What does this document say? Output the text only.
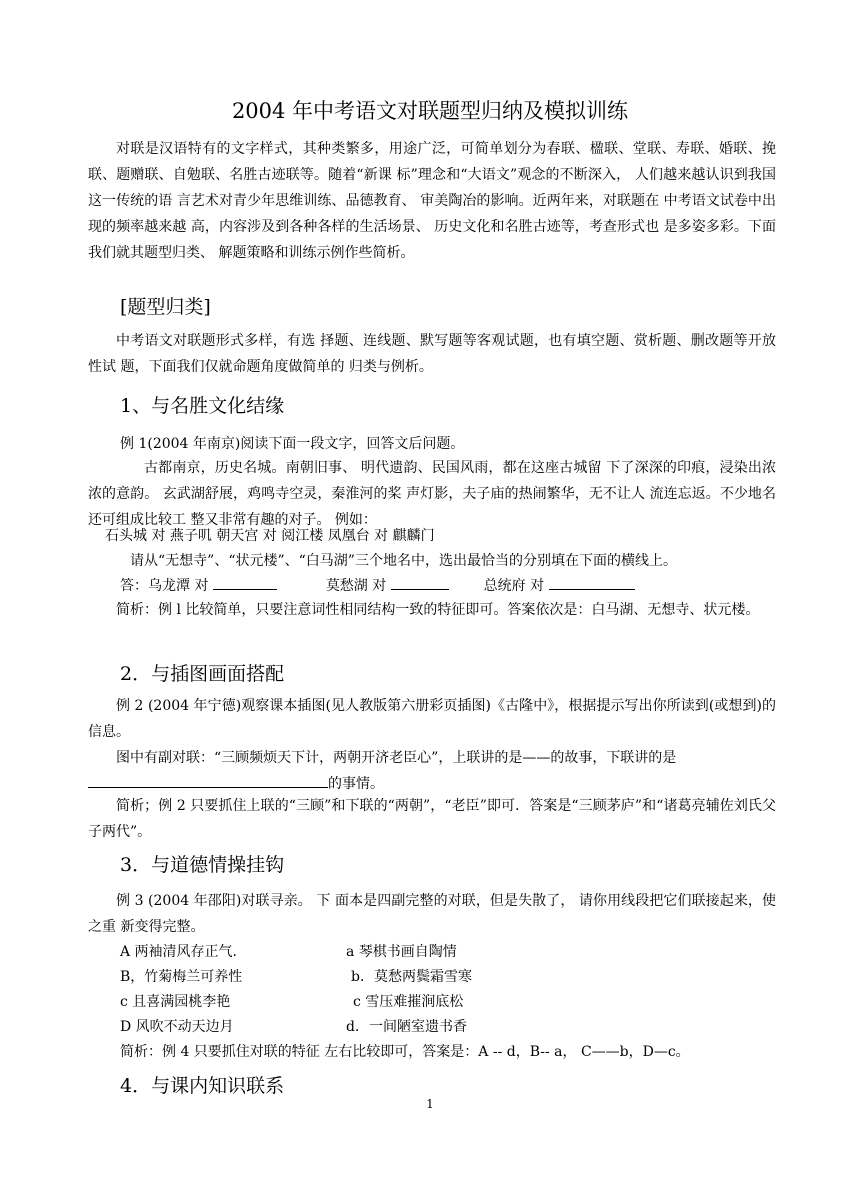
2004 年中考语文对联题型归纳及模拟训练
对联是汉语特有的文字样式，其种类繁多，用途广泛，可简单划分为春联、楹联、堂联、寿联、婚联、挽联、题赠联、自勉联、名胜古迹联等。随着“新课 标”理念和“大语文”观念的不断深入， 人们越来越认识到我国这一传统的语 言艺术对青少年思维训练、品德教育、 审美陶冶的影响。近两年来，对联题在 中考语文试卷中出现的频率越来越 高，内容涉及到各种各样的生活场景、 历史文化和名胜古迹等，考查形式也 是多姿多彩。下面我们就其题型归类、 解题策略和训练示例作些简析。
[题型归类]
中考语文对联题形式多样，有选 择题、连线题、默写题等客观试题，也有填空题、赏析题、删改题等开放性试 题，下面我们仅就命题角度做简单的 归类与例析。
1、与名胜文化结缘
例 1(2004 年南京)阅读下面一段文字，回答文后问题。
古都南京，历史名城。南朝旧事、 明代遗韵、民国风雨，都在这座古城留 下了深深的印痕，浸染出浓浓的意韵。 玄武湖舒展，鸡鸣寺空灵，秦淮河的桨 声灯影，夫子庙的热闹繁华，无不让人 流连忘返。不少地名还可组成比较工 整又非常有趣的对子。 例如：
石头城 对 燕子叽 朝天宫 对 阅江楼 凤凰台 对 麒麟门
请从“无想寺”、“状元楼”、“白马湖”三个地名中，选出最恰当的分别填在下面的横线上。
答：乌龙潭 对	莫愁湖 对	总统府 对
简析：例 l 比较简单，只要注意词性相同结构一致的特征即可。答案依次是：白马湖、无想寺、状元楼。
2．与插图画面搭配
例 2 (2004 年宁德)观察课本插图(见人教版第六册彩页插图)《古隆中》，根据提示写出你所读到(或想到)的信息。
图中有副对联：“三顾频烦天下计，两朝开济老臣心”，上联讲的是——的故事，下联讲的是
的事情。
简析；例 2 只要抓住上联的“三顾”和下联的“两朝”，“老臣”即可．答案是“三顾茅庐”和“诸葛亮辅佐刘氏父子两代”。
3．与道德情操挂钩
例 3 (2004 年邵阳)对联寻亲。 下 面本是四副完整的对联，但是失散了， 请你用线段把它们联接起来，使之重 新变得完整。
A 两袖清风存正气.	a 琴棋书画自陶情
B，竹菊梅兰可养性	b．莫愁两鬓霜雪寒
c 且喜满园桃李艳	c 雪压难摧涧底松
D 风吹不动天边月	d．一间陋室遗书香
简析：例 4 只要抓住对联的特征 左右比较即可，答案是：A -- d，B-- a， C——b，D—c。
4．与课内知识联系
1
